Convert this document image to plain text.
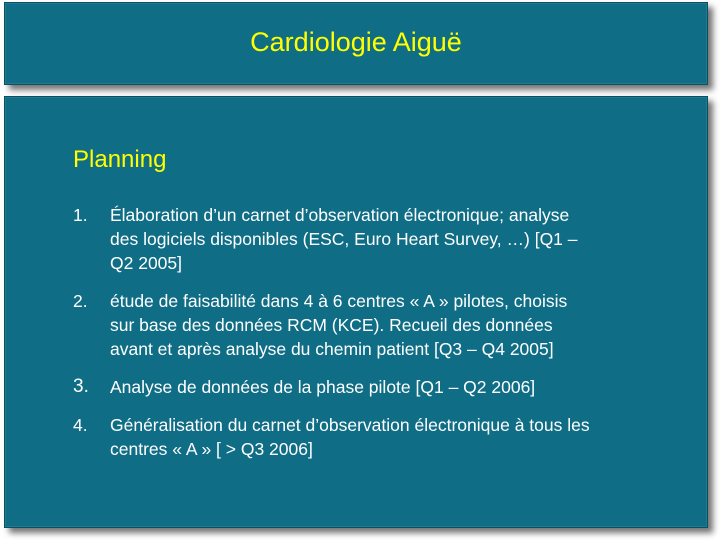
Cardiologie Aiguë
Planning
1.	Élaboration d’un carnet d’observation électronique; analyse
des logiciels disponibles (ESC, Euro Heart Survey, …) [Q1 –
Q2 2005]
2.	étude de faisabilité dans 4 à 6 centres « A » pilotes, choisis
sur base des données RCM (KCE). Recueil des données
avant et après analyse du chemin patient [Q3 – Q4 2005]
3.	Analyse de données de la phase pilote [Q1 – Q2 2006]
4.	Généralisation du carnet d’observation électronique à tous les
centres « A » [ > Q3 2006]
